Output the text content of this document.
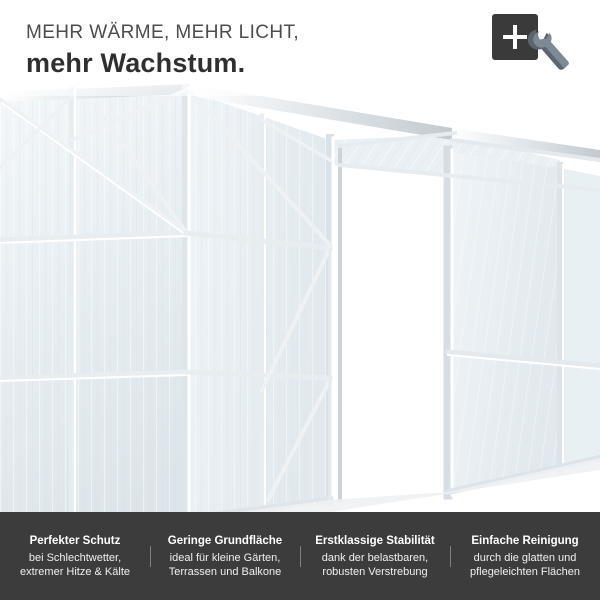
MEHR WÄRME, MEHR LICHT,
mehr Wachstum.
Perfekter Schutz
bei Schlechtwetter,
extremer Hitze & Kälte
Geringe Grundfläche
ideal für kleine Gärten,
Terrassen und Balkone
Erstklassige Stabilität
dank der belastbaren,
robusten Verstrebung
Einfache Reinigung
durch die glatten und
pflegeleichten Flächen
